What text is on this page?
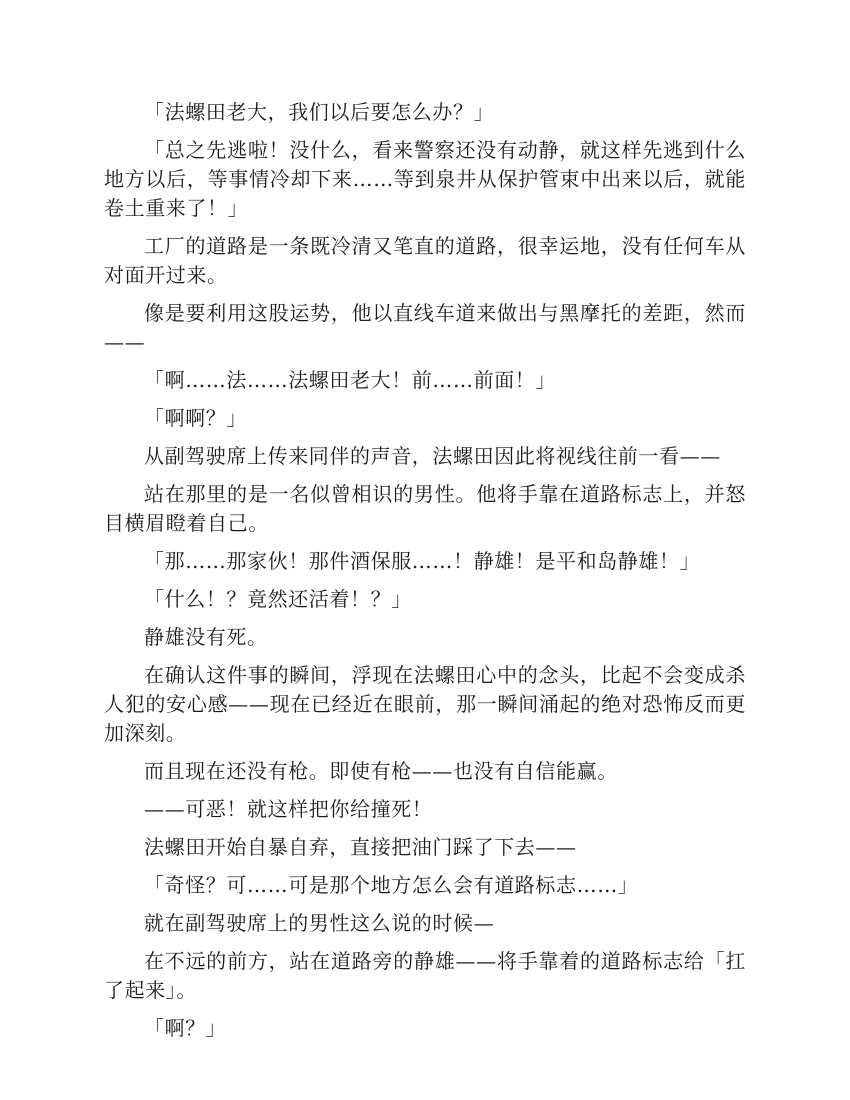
「法螺田老大，我们以后要怎么办？」

「总之先逃啦！没什么，看来警察还没有动静，就这样先逃到什么地方以后，等事情冷却下来……等到泉井从保护管束中出来以后，就能卷土重来了！」

工厂的道路是一条既冷清又笔直的道路，很幸运地，没有任何车从对面开过来。

像是要利用这股运势，他以直线车道来做出与黑摩托的差距，然而——

「啊……法……法螺田老大！前……前面！」

「啊啊？」

从副驾驶席上传来同伴的声音，法螺田因此将视线往前一看——

站在那里的是一名似曾相识的男性。他将手靠在道路标志上，并怒目横眉瞪着自己。

「那……那家伙！那件酒保服……！静雄！是平和岛静雄！」

「什么！？竟然还活着！？」

静雄没有死。

在确认这件事的瞬间，浮现在法螺田心中的念头，比起不会变成杀人犯的安心感——现在已经近在眼前，那一瞬间涌起的绝对恐怖反而更加深刻。

而且现在还没有枪。即使有枪——也没有自信能赢。

——可恶！就这样把你给撞死！

法螺田开始自暴自弃，直接把油门踩了下去——

「奇怪？可……可是那个地方怎么会有道路标志……」

就在副驾驶席上的男性这么说的时候—

在不远的前方，站在道路旁的静雄——将手靠着的道路标志给「扛了起来」。

「啊？」
